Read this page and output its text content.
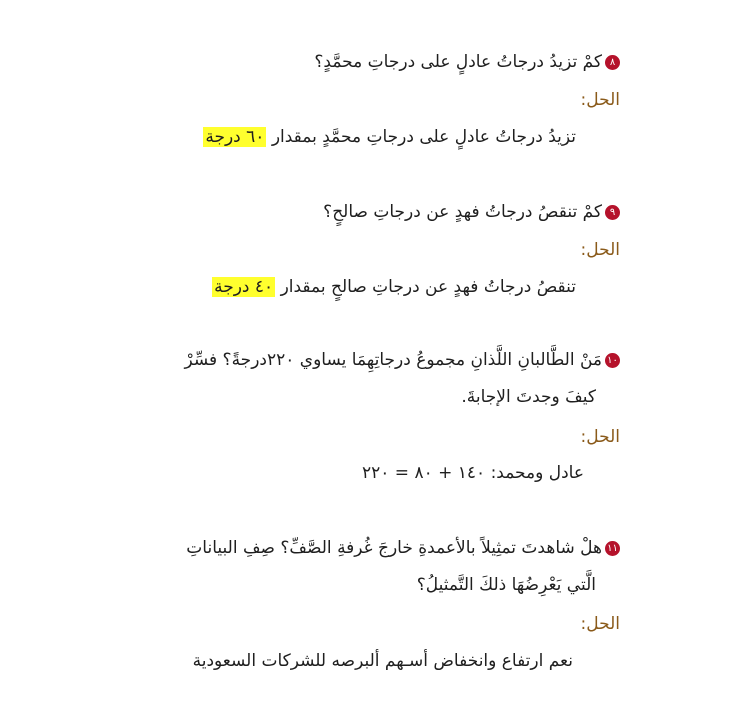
٨كمْ تزيدُ درجاتُ عادلٍ على درجاتِ محمَّدٍ؟
الحل:
تزيدُ درجاتُ عادلٍ على درجاتِ محمَّدٍ بمقدار ٦٠ درجة
٩كمْ تنقصُ درجاتُ فهدٍ عن درجاتِ صالحٍ؟
الحل:
تنقصُ درجاتُ فهدٍ عن درجاتِ صالحٍ بمقدار ٤٠ درجة
١٠مَنْ الطَّالبانِ اللَّذانِ مجموعُ درجاتِهِمَا يساوي ٢٢٠درجةً؟ فسِّرْ
كيفَ وجدتَ الإجابةَ.
الحل:
عادل ومحمد: ١٤٠ + ٨٠ = ٢٢٠
١١هلْ شاهدتَ تمثِيلاً بالأعمدةِ خارجَ غُرفةِ الصَّفِّ؟ صِفِ البياناتِ
الَّتي يَعْرِضُهَا ذلكَ التَّمثيلُ؟
الحل:
نعم ارتفاع وانخفاض أسـهم ألبرصه للشركات السعودية
